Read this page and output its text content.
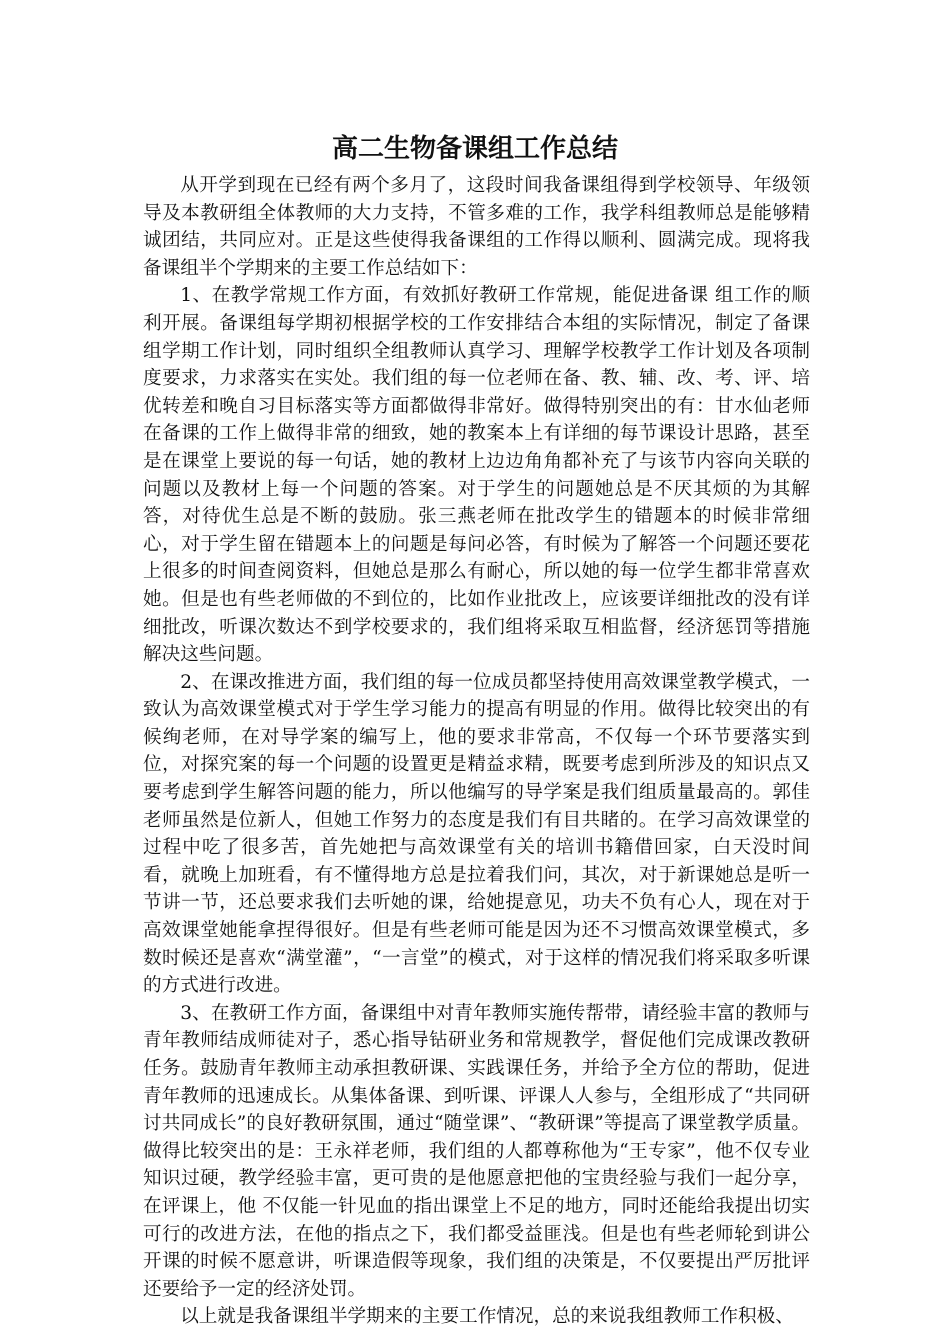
高二生物备课组工作总结

从开学到现在已经有两个多月了，这段时间我备课组得到学校领导、年级领导及本教研组全体教师的大力支持，不管多难的工作，我学科组教师总是能够精诚团结，共同应对。正是这些使得我备课组的工作得以顺利、圆满完成。现将我备课组半个学期来的主要工作总结如下：

1、在教学常规工作方面，有效抓好教研工作常规，能促进备课 组工作的顺利开展。备课组每学期初根据学校的工作安排结合本组的实际情况，制定了备课组学期工作计划，同时组织全组教师认真学习、理解学校教学工作计划及各项制度要求，力求落实在实处。我们组的每一位老师在备、教、辅、改、考、评、培优转差和晚自习目标落实等方面都做得非常好。做得特别突出的有：甘水仙老师在备课的工作上做得非常的细致，她的教案本上有详细的每节课设计思路，甚至是在课堂上要说的每一句话，她的教材上边边角角都补充了与该节内容向关联的问题以及教材上每一个问题的答案。对于学生的问题她总是不厌其烦的为其解答，对待优生总是不断的鼓励。张三燕老师在批改学生的错题本的时候非常细心，对于学生留在错题本上的问题是每问必答，有时候为了解答一个问题还要花上很多的时间查阅资料，但她总是那么有耐心，所以她的每一位学生都非常喜欢她。但是也有些老师做的不到位的，比如作业批改上，应该要详细批改的没有详细批改，听课次数达不到学校要求的，我们组将采取互相监督，经济惩罚等措施解决这些问题。

2、在课改推进方面，我们组的每一位成员都坚持使用高效课堂教学模式，一致认为高效课堂模式对于学生学习能力的提高有明显的作用。做得比较突出的有候绚老师，在对导学案的编写上，他的要求非常高，不仅每一个环节要落实到位，对探究案的每一个问题的设置更是精益求精，既要考虑到所涉及的知识点又要考虑到学生解答问题的能力，所以他编写的导学案是我们组质量最高的。郭佳老师虽然是位新人，但她工作努力的态度是我们有目共睹的。在学习高效课堂的过程中吃了很多苦，首先她把与高效课堂有关的培训书籍借回家，白天没时间看，就晚上加班看，有不懂得地方总是拉着我们问，其次，对于新课她总是听一节讲一节，还总要求我们去听她的课，给她提意见，功夫不负有心人，现在对于高效课堂她能拿捏得很好。但是有些老师可能是因为还不习惯高效课堂模式，多数时候还是喜欢“满堂灌”，“一言堂”的模式，对于这样的情况我们将采取多听课的方式进行改进。

3、在教研工作方面，备课组中对青年教师实施传帮带，请经验丰富的教师与青年教师结成师徒对子，悉心指导钻研业务和常规教学，督促他们完成课改教研任务。鼓励青年教师主动承担教研课、实践课任务，并给予全方位的帮助，促进青年教师的迅速成长。从集体备课、到听课、评课人人参与，全组形成了“共同研讨共同成长”的良好教研氛围，通过“随堂课”、“教研课”等提高了课堂教学质量。做得比较突出的是：王永祥老师，我们组的人都尊称他为“王专家”，他不仅专业知识过硬，教学经验丰富，更可贵的是他愿意把他的宝贵经验与我们一起分享，在评课上，他 不仅能一针见血的指出课堂上不足的地方，同时还能给我提出切实可行的改进方法，在他的指点之下，我们都受益匪浅。但是也有些老师轮到讲公开课的时候不愿意讲，听课造假等现象，我们组的决策是，不仅要提出严厉批评还要给予一定的经济处罚。

以上就是我备课组半学期来的主要工作情况，总的来说我组教师工作积极、
